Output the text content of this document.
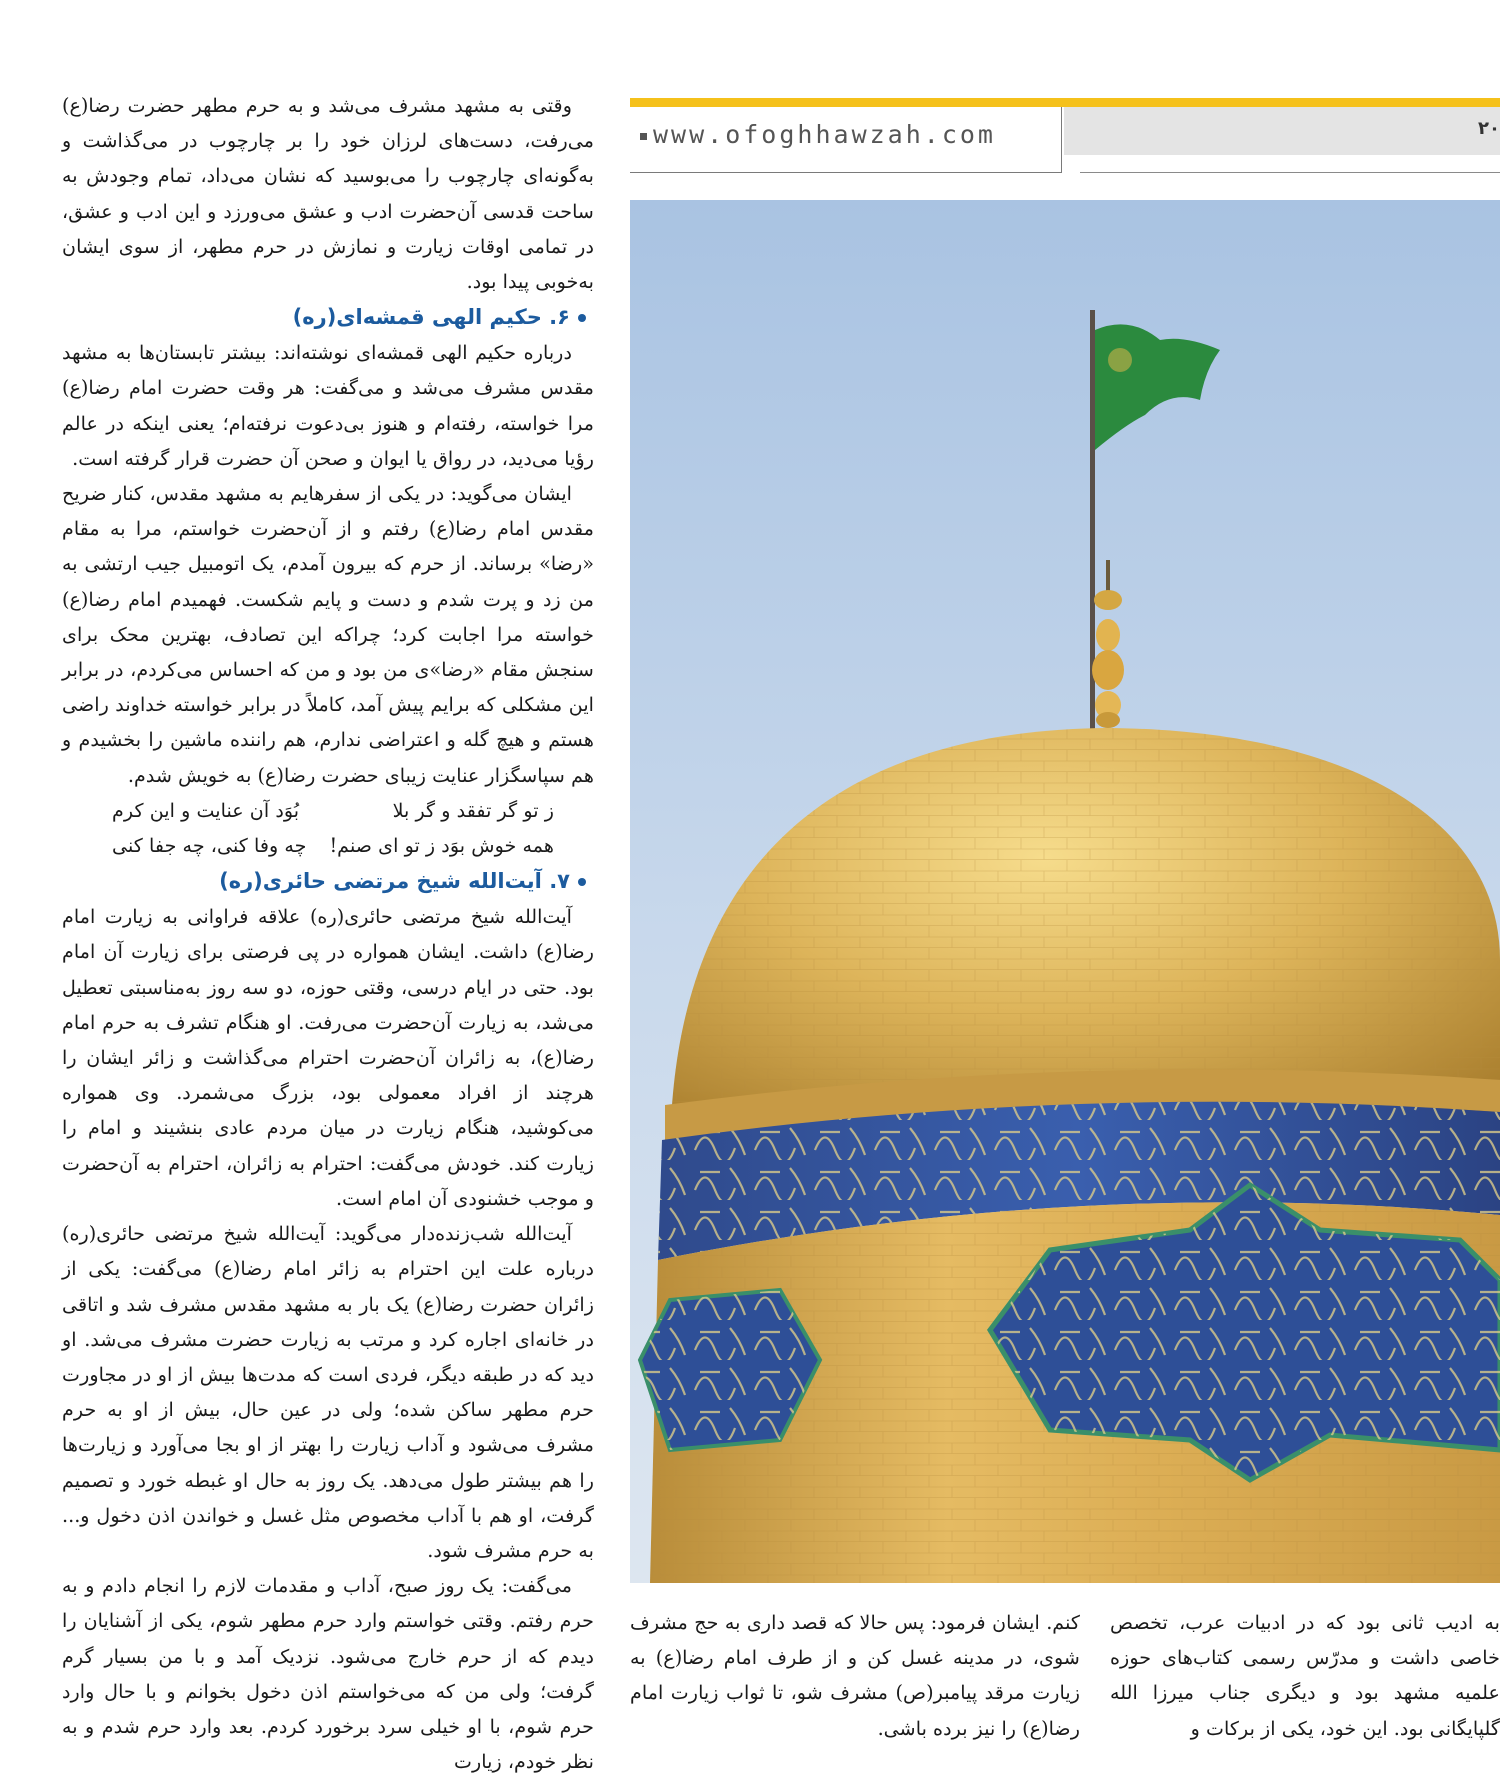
وقتی به مشهد مشرف می‌شد و به حرم مطهر حضرت رضا(ع) می‌رفت، دست‌های لرزان خود را بر چارچوب در می‌گذاشت و به‌گونه‌ای چارچوب را می‌بوسید که نشان می‌داد، تمام وجودش به ساحت قدسی آن‌حضرت ادب و عشق می‌ورزد و این ادب و عشق، در تمامی اوقات زیارت و نمازش در حرم مطهر، از سوی ایشان به‌خوبی پیدا بود.

۶. حکیم الهی قمشه‌ای(ره)

درباره حکیم الهی قمشه‌ای نوشته‌اند: بیشتر تابستان‌ها به مشهد مقدس مشرف می‌شد و می‌گفت: هر وقت حضرت امام رضا(ع) مرا خواسته، رفته‌ام و هنوز بی‌دعوت نرفته‌ام؛ یعنی اینکه در عالم رؤیا می‌دید، در رواق یا ایوان و صحن آن حضرت قرار گرفته است.

ایشان می‌گوید: در یکی از سفرهایم به مشهد مقدس، کنار ضریح مقدس امام رضا(ع) رفتم و از آن‌حضرت خواستم، مرا به مقام «رضا» برساند. از حرم که بیرون آمدم، یک اتومبیل جیب ارتشی به من زد و پرت شدم و دست و پایم شکست. فهمیدم امام رضا(ع) خواسته مرا اجابت کرد؛ چراکه این تصادف، بهترین محک برای سنجش مقام «رضا»ی من بود و من که احساس می‌کردم، در برابر این مشکلی که برایم پیش آمد، کاملاً در برابر خواسته خداوند راضی هستم و هیچ گله و اعتراضی ندارم، هم راننده ماشین را بخشیدم و هم سپاسگزار عنایت زیبای حضرت رضا(ع) به خویش شدم.

ز تو گر تفقد و گر بلا
بُوَد آن عنایت و این کرم
همه خوش بوَد ز تو ای صنم!
چه وفا کنی، چه جفا کنی
۷. آیت‌الله شیخ مرتضی حائری(ره)

آیت‌الله شیخ مرتضی حائری(ره) علاقه فراوانی به زیارت امام رضا(ع) داشت. ایشان همواره در پی فرصتی برای زیارت آن امام بود. حتی در ایام درسی، وقتی حوزه، دو سه روز به‌مناسبتی تعطیل می‌شد، به زیارت آن‌حضرت می‌رفت. او هنگام تشرف به حرم امام رضا(ع)، به زائران آن‌حضرت احترام می‌گذاشت و زائر ایشان را هرچند از افراد معمولی بود، بزرگ می‌شمرد. وی همواره می‌کوشید، هنگام زیارت در میان مردم عادی بنشیند و امام را زیارت کند. خودش می‌گفت: احترام به زائران، احترام به آن‌حضرت و موجب خشنودی آن امام است.

آیت‌الله شب‌زنده‌دار می‌گوید: آیت‌الله شیخ مرتضی حائری(ره) درباره علت این احترام به زائر امام رضا(ع) می‌گفت: یکی از زائران حضرت رضا(ع) یک بار به مشهد مقدس مشرف شد و اتاقی در خانه‌ای اجاره کرد و مرتب به زیارت حضرت مشرف می‌شد. او دید که در طبقه دیگر، فردی است که مدت‌ها بیش از او در مجاورت حرم مطهر ساکن شده؛ ولی در عین حال، بیش از او به حرم مشرف می‌شود و آداب زیارت را بهتر از او بجا می‌آورد و زیارت‌ها را هم بیشتر طول می‌دهد. یک روز به حال او غبطه خورد و تصمیم گرفت، او هم با آداب مخصوص مثل غسل و خواندن اذن دخول و... به حرم مشرف شود.

می‌گفت: یک روز صبح، آداب و مقدمات لازم را انجام دادم و به حرم رفتم. وقتی خواستم وارد حرم مطهر شوم، یکی از آشنایان را دیدم که از حرم خارج می‌شود. نزدیک آمد و با من بسیار گرم گرفت؛ ولی من که می‌خواستم اذن دخول بخوانم و با حال وارد حرم شوم، با او خیلی سرد برخورد کردم. بعد وارد حرم شدم و به نظر خودم، زیارت

www.ofoghhawzah.com	۲۰

کنم. ایشان فرمود: پس حالا که قصد داری به حج مشرف شوی، در مدینه غسل کن و از طرف امام رضا(ع) به زیارت مرقد پیامبر(ص) مشرف شو، تا ثواب زیارت امام رضا(ع) را نیز برده باشی.

به ادیب ثانی بود که در ادبیات عرب، تخصص خاصی داشت و مدرّس رسمی کتاب‌های حوزه علمیه مشهد بود و دیگری جناب میرزا الله گلپایگانی بود. این خود، یکی از برکات و
